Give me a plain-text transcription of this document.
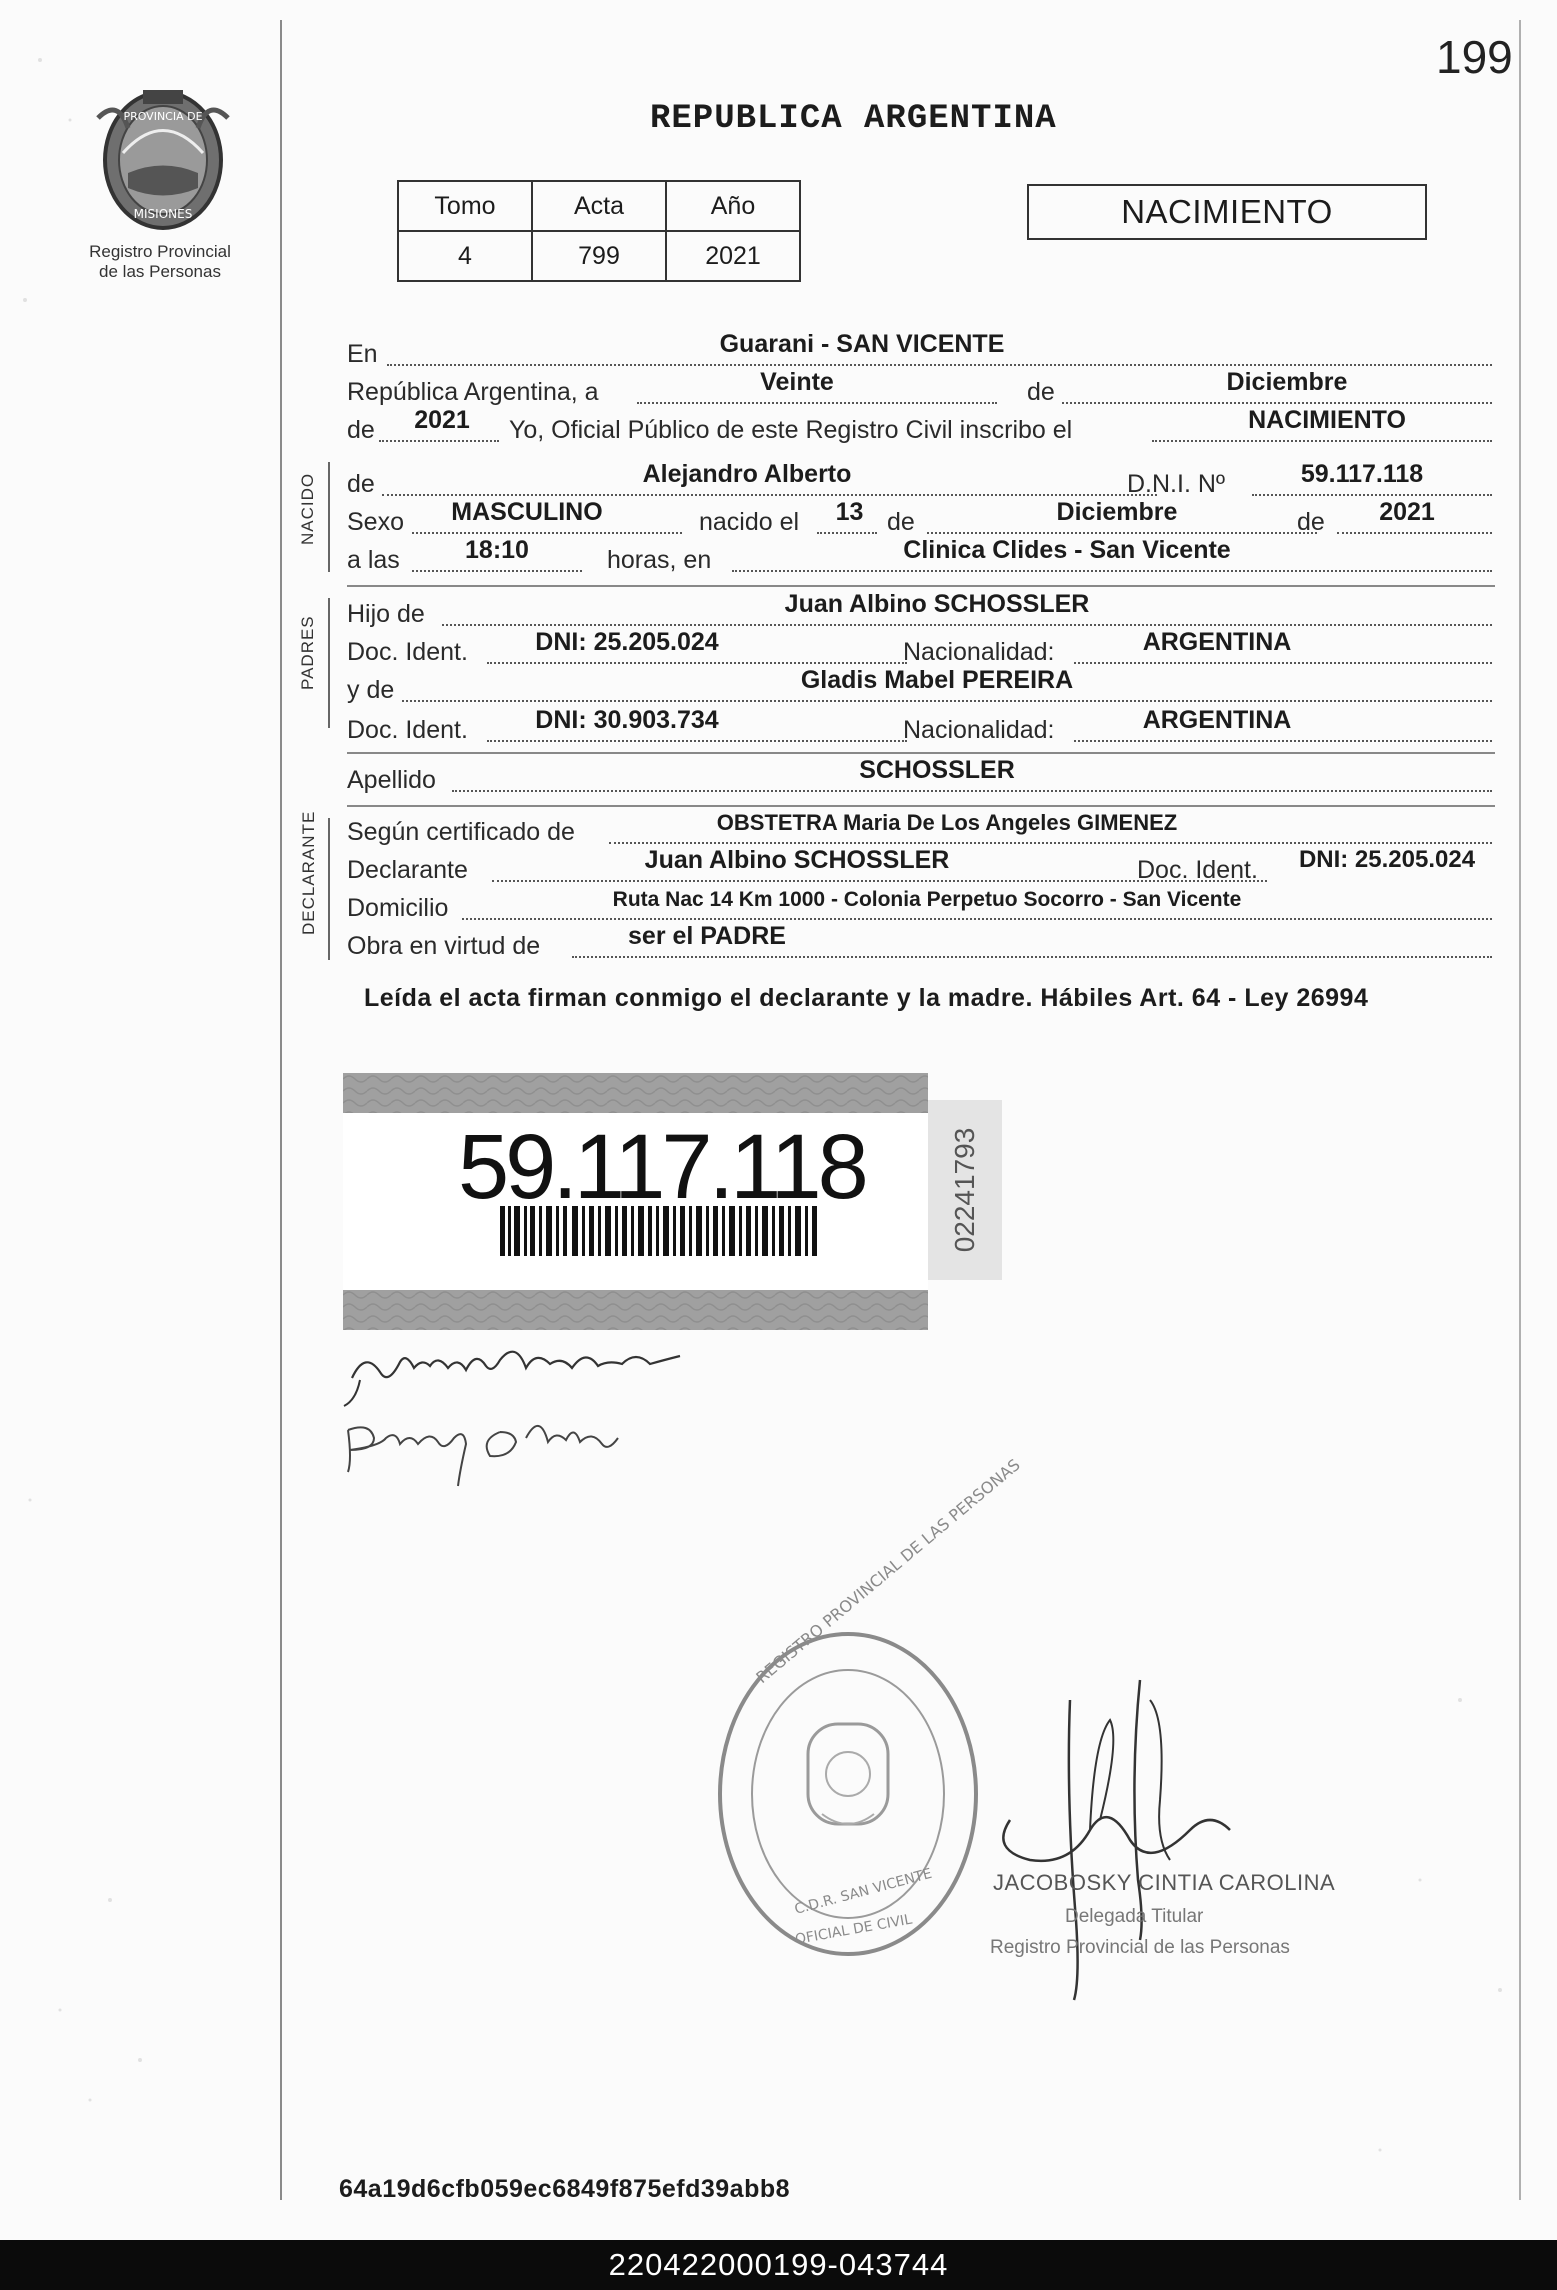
199
PROVINCIA DE
MISIONES
Registro Provincial
de las Personas
REPUBLICA ARGENTINA
Tomo	Acta	Año
4	799	2021
NACIMIENTO
En	Guarani - SAN VICENTE
República Argentina, a	Veinte	de	Diciembre
de	2021	Yo, Oficial Público de este Registro Civil inscribo el	NACIMIENTO
NACIDO de	Alejandro Alberto	D.N.I. Nº	59.117.118
Sexo	MASCULINO	nacido el	13 de	Diciembre	de	2021
a las	18:10	horas, en	Clinica Clides - San Vicente
PADRES
Hijo de	Juan Albino SCHOSSLER
Doc. Ident.	DNI: 25.205.024	Nacionalidad:	ARGENTINA
y de	Gladis Mabel PEREIRA
Doc. Ident.	DNI: 30.903.734	Nacionalidad:	ARGENTINA
Apellido	SCHOSSLER
DECLARANTE Según certificado de	OBSTETRA Maria De Los Angeles GIMENEZ
Declarante	Juan Albino SCHOSSLER	Doc. Ident.	DNI: 25.205.024
Domicilio	Ruta Nac 14 Km 1000 - Colonia Perpetuo Socorro - San Vicente
Obra en virtud de	ser el PADRE
Leída el acta firman conmigo el declarante y la madre. Hábiles Art. 64 - Ley 26994
59.117.118	02241793
REGISTRO PROVINCIAL DE LAS PERSONAS
C.D.R. SAN VICENTE
OFICIAL DE CIVIL
JACOBOSKY CINTIA CAROLINA
Delegada Titular
Registro Provincial de las Personas
64a19d6cfb059ec6849f875efd39abb8
220422000199-043744
